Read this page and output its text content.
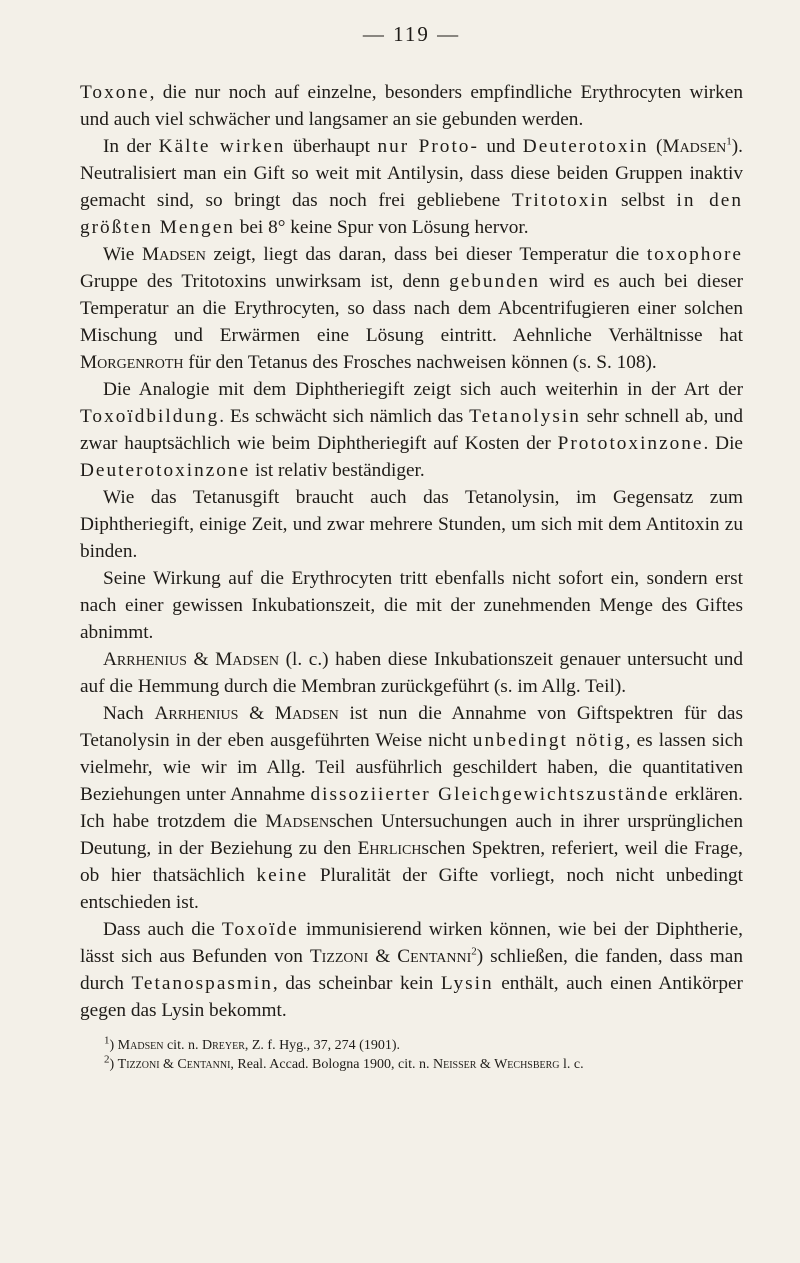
— 119 —

Toxone, die nur noch auf einzelne, besonders empfindliche Erythrocyten wirken und auch viel schwächer und langsamer an sie gebunden werden.

In der Kälte wirken überhaupt nur Proto- und Deuterotoxin (Madsen$^1$). Neutralisiert man ein Gift so weit mit Antilysin, dass diese beiden Gruppen inaktiv gemacht sind, so bringt das noch frei gebliebene Tritotoxin selbst in den größten Mengen bei 8° keine Spur von Lösung hervor.

Wie Madsen zeigt, liegt das daran, dass bei dieser Temperatur die toxophore Gruppe des Tritotoxins unwirksam ist, denn gebunden wird es auch bei dieser Temperatur an die Erythrocyten, so dass nach dem Abcentrifugieren einer solchen Mischung und Erwärmen eine Lösung eintritt. Aehnliche Verhältnisse hat Morgenroth für den Tetanus des Frosches nachweisen können (s. S. 108).

Die Analogie mit dem Diphtheriegift zeigt sich auch weiterhin in der Art der Toxoïdbildung. Es schwächt sich nämlich das Tetanolysin sehr schnell ab, und zwar hauptsächlich wie beim Diphtheriegift auf Kosten der Prototoxinzone. Die Deuterotoxinzone ist relativ beständiger.

Wie das Tetanusgift braucht auch das Tetanolysin, im Gegensatz zum Diphtheriegift, einige Zeit, und zwar mehrere Stunden, um sich mit dem Antitoxin zu binden.

Seine Wirkung auf die Erythrocyten tritt ebenfalls nicht sofort ein, sondern erst nach einer gewissen Inkubationszeit, die mit der zunehmenden Menge des Giftes abnimmt.

Arrhenius & Madsen (l. c.) haben diese Inkubationszeit genauer untersucht und auf die Hemmung durch die Membran zurückgeführt (s. im Allg. Teil).

Nach Arrhenius & Madsen ist nun die Annahme von Giftspektren für das Tetanolysin in der eben ausgeführten Weise nicht unbedingt nötig, es lassen sich vielmehr, wie wir im Allg. Teil ausführlich geschildert haben, die quantitativen Beziehungen unter Annahme dissoziierter Gleichgewichtszustände erklären. Ich habe trotzdem die Madsenschen Untersuchungen auch in ihrer ursprünglichen Deutung, in der Beziehung zu den Ehrlichschen Spektren, referiert, weil die Frage, ob hier thatsächlich keine Pluralität der Gifte vorliegt, noch nicht unbedingt entschieden ist.

Dass auch die Toxoïde immunisierend wirken können, wie bei der Diphtherie, lässt sich aus Befunden von Tizzoni & Centanni$^2$) schließen, die fanden, dass man durch Tetanospasmin, das scheinbar kein Lysin enthält, auch einen Antikörper gegen das Lysin bekommt.

$^1$) Madsen cit. n. Dreyer, Z. f. Hyg., 37, 274 (1901).

$^2$) Tizzoni & Centanni, Real. Accad. Bologna 1900, cit. n. Neisser & Wechsberg l. c.
